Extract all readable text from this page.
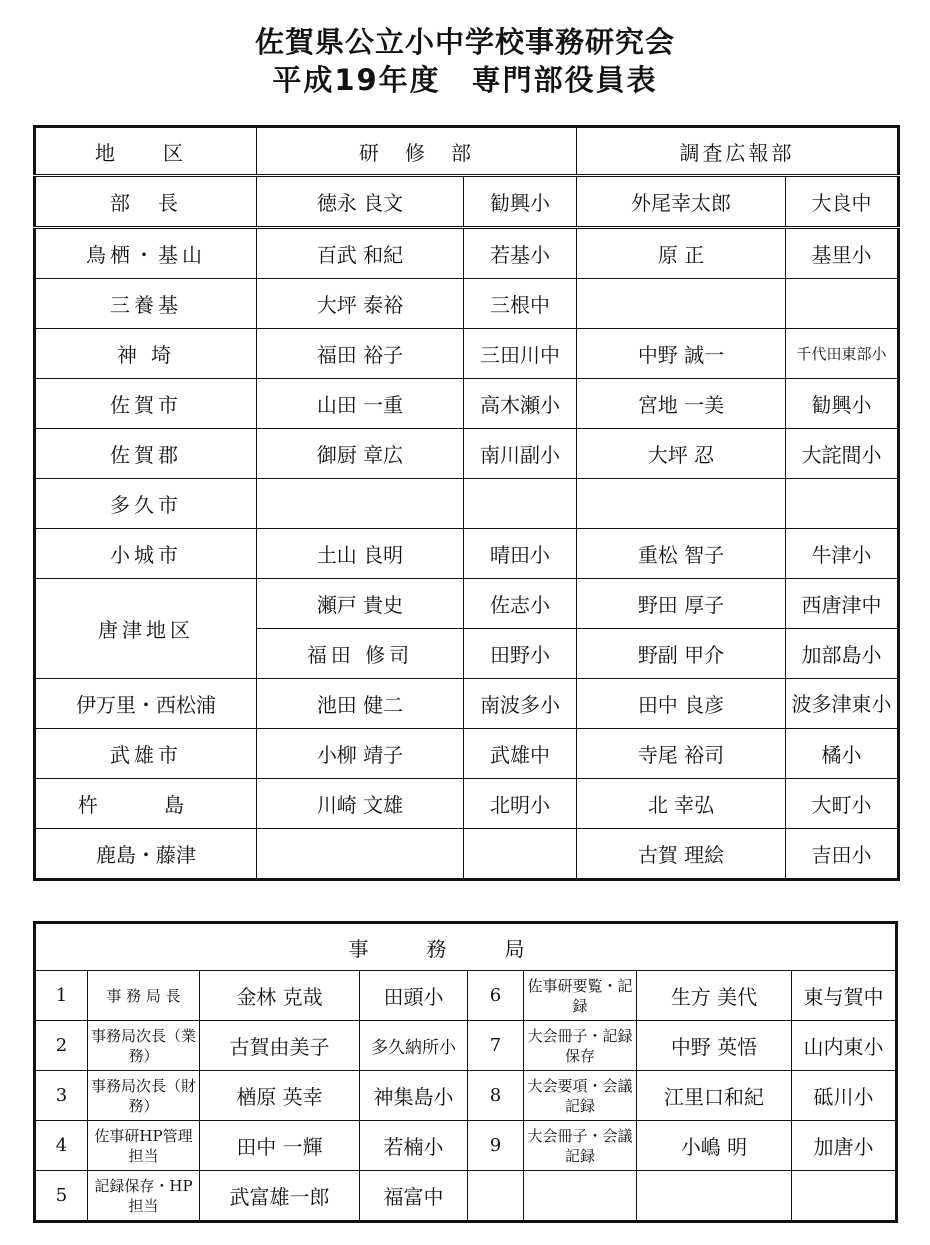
佐賀県公立小中学校事務研究会
平成19年度　専門部役員表
地　区	研　修　部		調査広報部	
部　長	徳永 良文	勧興小	外尾幸太郎	大良中
鳥栖・基山	百武 和紀	若基小	原 正	基里小
三養基	大坪 泰裕	三根中		
神 埼	福田 裕子	三田川中	中野 誠一	千代田東部小
佐賀市	山田 一重	高木瀬小	宮地 一美	勧興小
佐賀郡	御厨 章広	南川副小	大坪 忍	大詫間小
多久市				
小城市	土山 良明	晴田小	重松 智子	牛津小
唐津地区	瀬戸 貴史	佐志小	野田 厚子	西唐津中
	福田 修司	田野小	野副 甲介	加部島小
伊万里・西松浦	池田 健二	南波多小	田中 良彦	波多津東小
武雄市	小柳 靖子	武雄中	寺尾 裕司	橘小
杵 島	川崎 文雄	北明小	北 幸弘	大町小
鹿島・藤津			古賀 理絵	吉田小
事務局							
1	事 務 局 長	金林 克哉	田頭小	6	佐事研要覧・記録	生方 美代	東与賀中
2	事務局次長（業務）	古賀由美子	多久納所小	7	大会冊子・記録保存	中野 英悟	山内東小
3	事務局次長（財務）	楢原 英幸	神集島小	8	大会要項・会議記録	江里口和紀	砥川小
4	佐事研HP管理担当	田中 一輝	若楠小	9	大会冊子・会議記録	小嶋 明	加唐小
5	記録保存・HP担当	武富雄一郎	福富中				
